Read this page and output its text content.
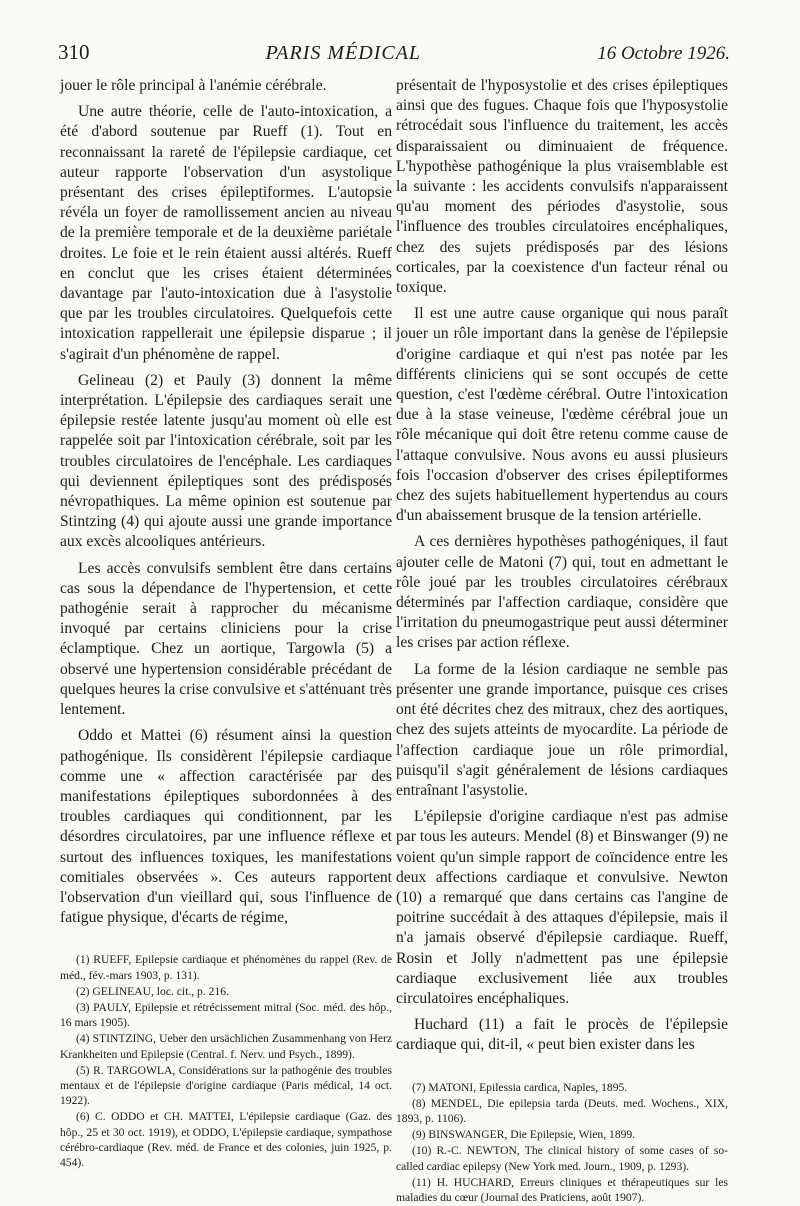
310	PARIS MÉDICAL	16 Octobre 1926.

jouer le rôle principal à l'anémie cérébrale.

Une autre théorie, celle de l'auto-intoxication, a été d'abord soutenue par Rueff (1). Tout en reconnaissant la rareté de l'épilepsie cardiaque, cet auteur rapporte l'observation d'un asystolique présentant des crises épileptiformes. L'autopsie révéla un foyer de ramollissement ancien au niveau de la première temporale et de la deuxième pariétale droites. Le foie et le rein étaient aussi altérés. Rueff en conclut que les crises étaient déterminées davantage par l'auto-intoxication due à l'asystolie que par les troubles circulatoires. Quelquefois cette intoxication rappellerait une épilepsie disparue ; il s'agirait d'un phénomène de rappel.

Gelineau (2) et Pauly (3) donnent la même interprétation. L'épilepsie des cardiaques serait une épilepsie restée latente jusqu'au moment où elle est rappelée soit par l'intoxication cérébrale, soit par les troubles circulatoires de l'encéphale. Les cardiaques qui deviennent épileptiques sont des prédisposés névropathiques. La même opinion est soutenue par Stintzing (4) qui ajoute aussi une grande importance aux excès alcooliques antérieurs.

Les accès convulsifs semblent être dans certains cas sous la dépendance de l'hypertension, et cette pathogénie serait à rapprocher du mécanisme invoqué par certains cliniciens pour la crise éclamptique. Chez un aortique, Targowla (5) a observé une hypertension considérable précédant de quelques heures la crise convulsive et s'atténuant très lentement.

Oddo et Mattei (6) résument ainsi la question pathogénique. Ils considèrent l'épilepsie cardiaque comme une « affection caractérisée par des manifestations épileptiques subordonnées à des troubles cardiaques qui conditionnent, par les désordres circulatoires, par une influence réflexe et surtout des influences toxiques, les manifestations comitiales observées ». Ces auteurs rapportent l'observation d'un vieillard qui, sous l'influence de fatigue physique, d'écarts de régime,

(1) RUEFF, Epilepsie cardiaque et phénomènes du rappel (Rev. de méd., fév.-mars 1903, p. 131).
(2) GELINEAU, loc. cit., p. 216.
(3) PAULY, Epilepsie et rétrécissement mitral (Soc. méd. des hôp., 16 mars 1905).
(4) STINTZING, Ueber den ursächlichen Zusammenhang von Herz Krankheiten und Epilepsie (Central. f. Nerv. und Psych., 1899).
(5) R. TARGOWLA, Considérations sur la pathogénie des troubles mentaux et de l'épilepsie d'origine cardiaque (Paris médical, 14 oct. 1922).
(6) C. ODDO et CH. MATTEI, L'épilepsie cardiaque (Gaz. des hôp., 25 et 30 oct. 1919), et ODDO, L'épilepsie cardiaque, sympathose cérébro-cardiaque (Rev. méd. de France et des colonies, juin 1925, p. 454).

présentait de l'hyposystolie et des crises épileptiques ainsi que des fugues. Chaque fois que l'hyposystolie rétrocédait sous l'influence du traitement, les accès disparaissaient ou diminuaient de fréquence. L'hypothèse pathogénique la plus vraisemblable est la suivante : les accidents convulsifs n'apparaissent qu'au moment des périodes d'asystolie, sous l'influence des troubles circulatoires encéphaliques, chez des sujets prédisposés par des lésions corticales, par la coexistence d'un facteur rénal ou toxique.

Il est une autre cause organique qui nous paraît jouer un rôle important dans la genèse de l'épilepsie d'origine cardiaque et qui n'est pas notée par les différents cliniciens qui se sont occupés de cette question, c'est l'œdème cérébral. Outre l'intoxication due à la stase veineuse, l'œdème cérébral joue un rôle mécanique qui doit être retenu comme cause de l'attaque convulsive. Nous avons eu aussi plusieurs fois l'occasion d'observer des crises épileptiformes chez des sujets habituellement hypertendus au cours d'un abaissement brusque de la tension artérielle.

A ces dernières hypothèses pathogéniques, il faut ajouter celle de Matoni (7) qui, tout en admettant le rôle joué par les troubles circulatoires cérébraux déterminés par l'affection cardiaque, considère que l'irritation du pneumogastrique peut aussi déterminer les crises par action réflexe.

La forme de la lésion cardiaque ne semble pas présenter une grande importance, puisque ces crises ont été décrites chez des mitraux, chez des aortiques, chez des sujets atteints de myocardite. La période de l'affection cardiaque joue un rôle primordial, puisqu'il s'agit généralement de lésions cardiaques entraînant l'asystolie.

L'épilepsie d'origine cardiaque n'est pas admise par tous les auteurs. Mendel (8) et Binswanger (9) ne voient qu'un simple rapport de coïncidence entre les deux affections cardiaque et convulsive. Newton (10) a remarqué que dans certains cas l'angine de poitrine succédait à des attaques d'épilepsie, mais il n'a jamais observé d'épilepsie cardiaque. Rueff, Rosin et Jolly n'admettent pas une épilepsie cardiaque exclusivement liée aux troubles circulatoires encéphaliques.

Huchard (11) a fait le procès de l'épilepsie cardiaque qui, dit-il, « peut bien exister dans les

(7) MATONI, Epilessia cardica, Naples, 1895.
(8) MENDEL, Die epilepsia tarda (Deuts. med. Wochens., XIX, 1893, p. 1106).
(9) BINSWANGER, Die Epilepsie, Wien, 1899.
(10) R.-C. NEWTON, The clinical history of some cases of so-called cardiac epilepsy (New York med. Journ., 1909, p. 1293).
(11) H. HUCHARD, Erreurs cliniques et thérapeutiques sur les maladies du cœur (Journal des Praticiens, août 1907).
